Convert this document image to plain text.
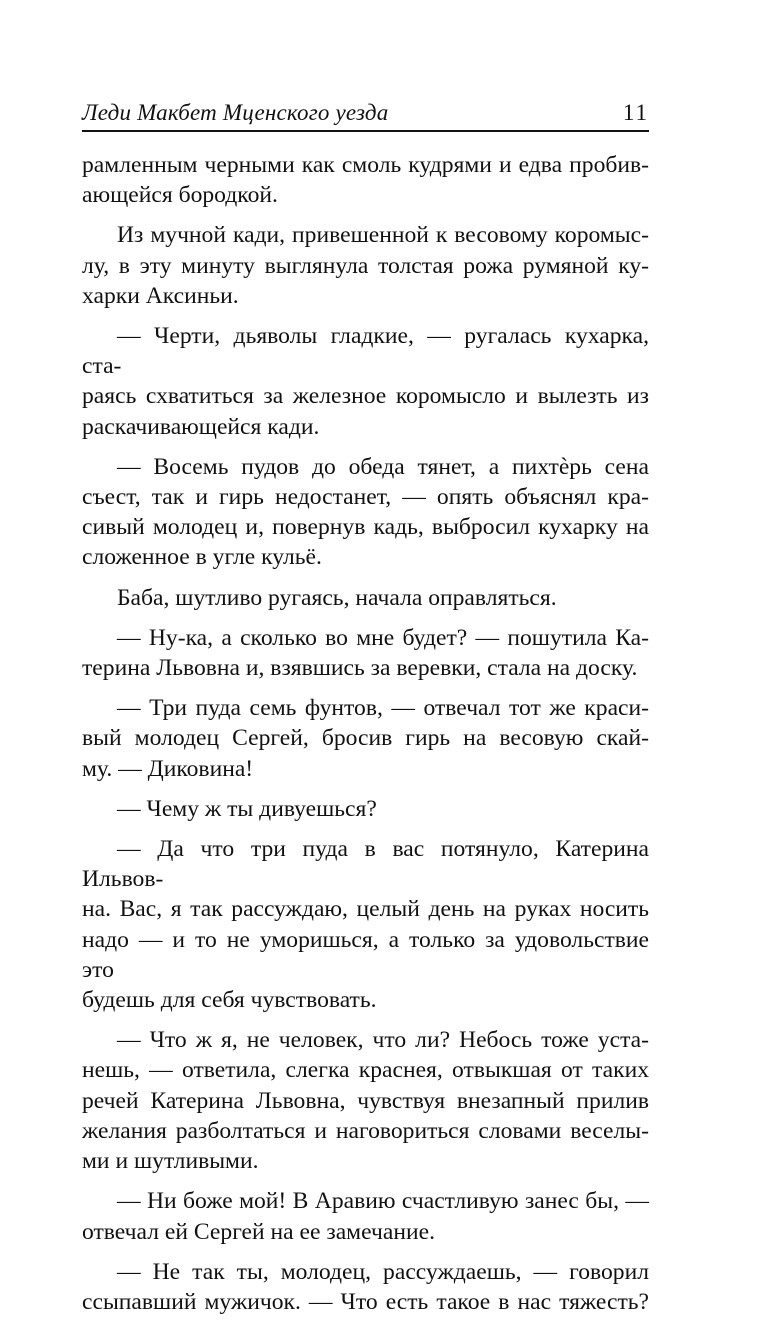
Леди Макбет Мценского уезда	11

рамленным черными как смоль кудрями и едва пробив-
ающейся бородкой.

Из мучной кади, привешенной к весовому коромыс-
лу, в эту минуту выглянула толстая рожа румяной ку-
харки Аксиньи.

— Черти, дьяволы гладкие, — ругалась кухарка, ста-
раясь схватиться за железное коромысло и вылезть из
раскачивающейся кади.

— Восемь пудов до обеда тянет, а пихтѐрь сена
съест, так и гирь недостанет, — опять объяснял кра-
сивый молодец и, повернув кадь, выбросил кухарку на
сложенное в угле кульё.

Баба, шутливо ругаясь, начала оправляться.

— Ну-ка, а сколько во мне будет? — пошутила Ка-
терина Львовна и, взявшись за веревки, стала на доску.

— Три пуда семь фунтов, — отвечал тот же краси-
вый молодец Сергей, бросив гирь на весовую скай-
му. — Диковина!

— Чему ж ты дивуешься?

— Да что три пуда в вас потянуло, Катерина Ильвов-
на. Вас, я так рассуждаю, целый день на руках носить
надо — и то не уморишься, а только за удовольствие это
будешь для себя чувствовать.

— Что ж я, не человек, что ли? Небось тоже уста-
нешь, — ответила, слегка краснея, отвыкшая от таких
речей Катерина Львовна, чувствуя внезапный прилив
желания разболтаться и наговориться словами веселы-
ми и шутливыми.

— Ни боже мой! В Аравию счастливую занес бы, —
отвечал ей Сергей на ее замечание.

— Не так ты, молодец, рассуждаешь, — говорил
ссыпавший мужичок. — Что есть такое в нас тяжесть?
